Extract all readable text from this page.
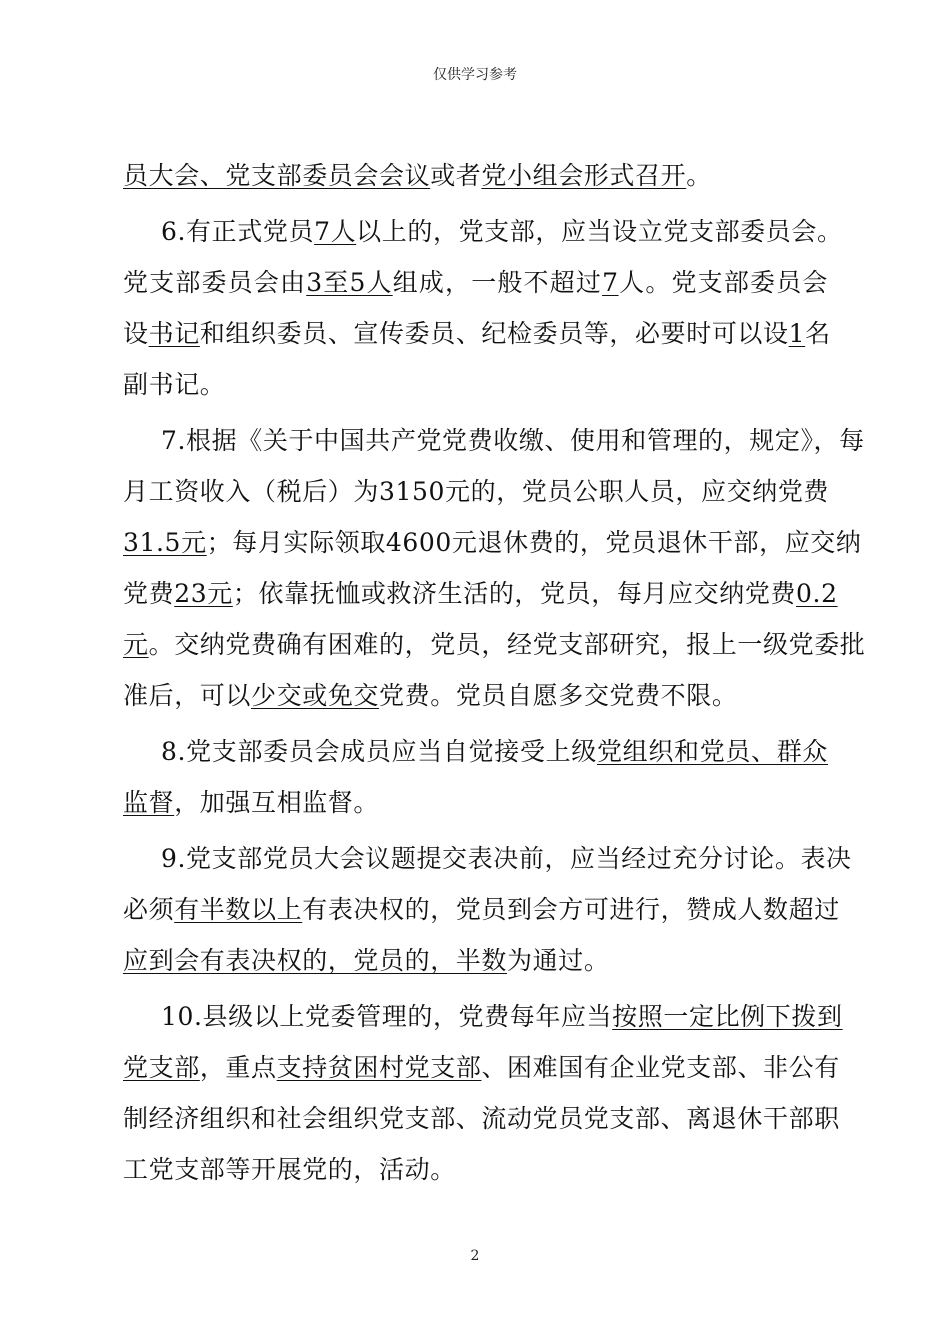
仅供学习参考
员大会、党支部委员会会议或者党小组会形式召开。
6.有正式党员7人以上的，党支部，应当设立党支部委员会。
党支部委员会由3至5人组成，一般不超过7人。党支部委员会
设书记和组织委员、宣传委员、纪检委员等，必要时可以设1名
副书记。
7.根据《关于中国共产党党费收缴、使用和管理的，规定》，每
月工资收入（税后）为3150元的，党员公职人员，应交纳党费
31.5元；每月实际领取4600元退休费的，党员退休干部，应交纳
党费23元；依靠抚恤或救济生活的，党员，每月应交纳党费0.2
元。交纳党费确有困难的，党员，经党支部研究，报上一级党委批
准后，可以少交或免交党费。党员自愿多交党费不限。
8.党支部委员会成员应当自觉接受上级党组织和党员、群众
监督，加强互相监督。
9.党支部党员大会议题提交表决前，应当经过充分讨论。表决
必须有半数以上有表决权的，党员到会方可进行，赞成人数超过
应到会有表决权的，党员的，半数为通过。
10.县级以上党委管理的，党费每年应当按照一定比例下拨到
党支部，重点支持贫困村党支部、困难国有企业党支部、非公有
制经济组织和社会组织党支部、流动党员党支部、离退休干部职
工党支部等开展党的，活动。
2
